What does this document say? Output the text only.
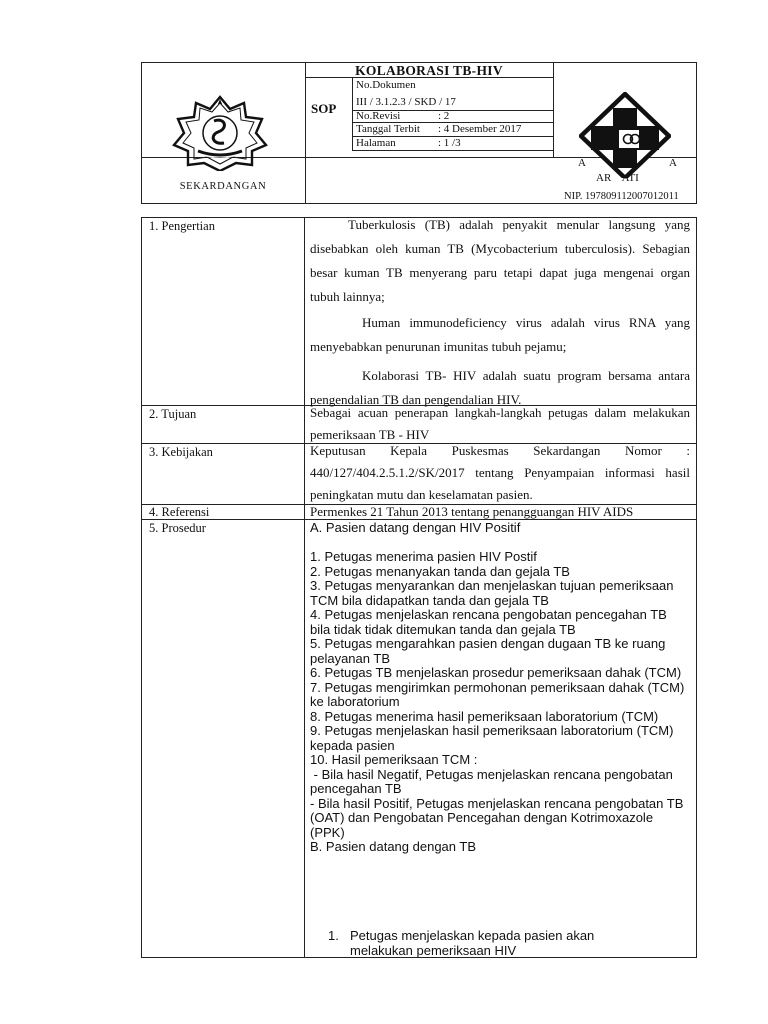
SEKARDANGAN
SOP
KOLABORASI TB-HIV
No.Dokumen
III / 3.1.2.3 / SKD / 17
No.Revisi	: 2
Tanggal Terbit : 4 Desember 2017
Halaman	: 1 /3
A	A
AR    ATI
NIP. 197809112007012011
1. Pengertian	Tuberkulosis (TB) adalah penyakit menular langsung yang disebabkan oleh kuman TB (Mycobacterium tuberculosis). Sebagian besar kuman TB menyerang paru tetapi dapat juga mengenai organ tubuh lainnya;
Human immunodeficiency virus adalah virus RNA yang menyebabkan penurunan imunitas tubuh pejamu;
Kolaborasi TB- HIV adalah suatu program bersama antara pengendalian TB dan pengendalian HIV.
2. Tujuan	Sebagai acuan penerapan langkah-langkah petugas dalam melakukan pemeriksaan TB - HIV
3. Kebijakan	Keputusan Kepala Puskesmas Sekardangan Nomor : 440/127/404.2.5.1.2/SK/2017 tentang Penyampaian informasi hasil peningkatan mutu dan keselamatan pasien.
4. Referensi	Permenkes 21 Tahun 2013 tentang penangguangan HIV AIDS
5. Prosedur	A. Pasien datang dengan HIV Positif
1. Petugas menerima pasien HIV Postif
2. Petugas menanyakan tanda dan gejala TB
3. Petugas menyarankan dan menjelaskan tujuan pemeriksaan TCM bila didapatkan tanda dan gejala TB
4. Petugas menjelaskan rencana pengobatan pencegahan TB bila tidak tidak ditemukan tanda dan gejala TB
5. Petugas mengarahkan pasien dengan dugaan TB ke ruang pelayanan TB
6. Petugas TB menjelaskan prosedur pemeriksaan dahak (TCM)
7. Petugas mengirimkan permohonan pemeriksaan dahak (TCM) ke laboratorium
8. Petugas menerima hasil pemeriksaan laboratorium (TCM)
9. Petugas menjelaskan hasil pemeriksaan laboratorium (TCM) kepada pasien
10. Hasil pemeriksaan TCM :
- Bila hasil Negatif, Petugas menjelaskan rencana pengobatan pencegahan TB
- Bila hasil Positif, Petugas menjelaskan rencana pengobatan TB (OAT) dan Pengobatan Pencegahan dengan Kotrimoxazole (PPK)
B. Pasien datang dengan TB
1. Petugas menjelaskan kepada pasien akan melakukan pemeriksaan HIV
